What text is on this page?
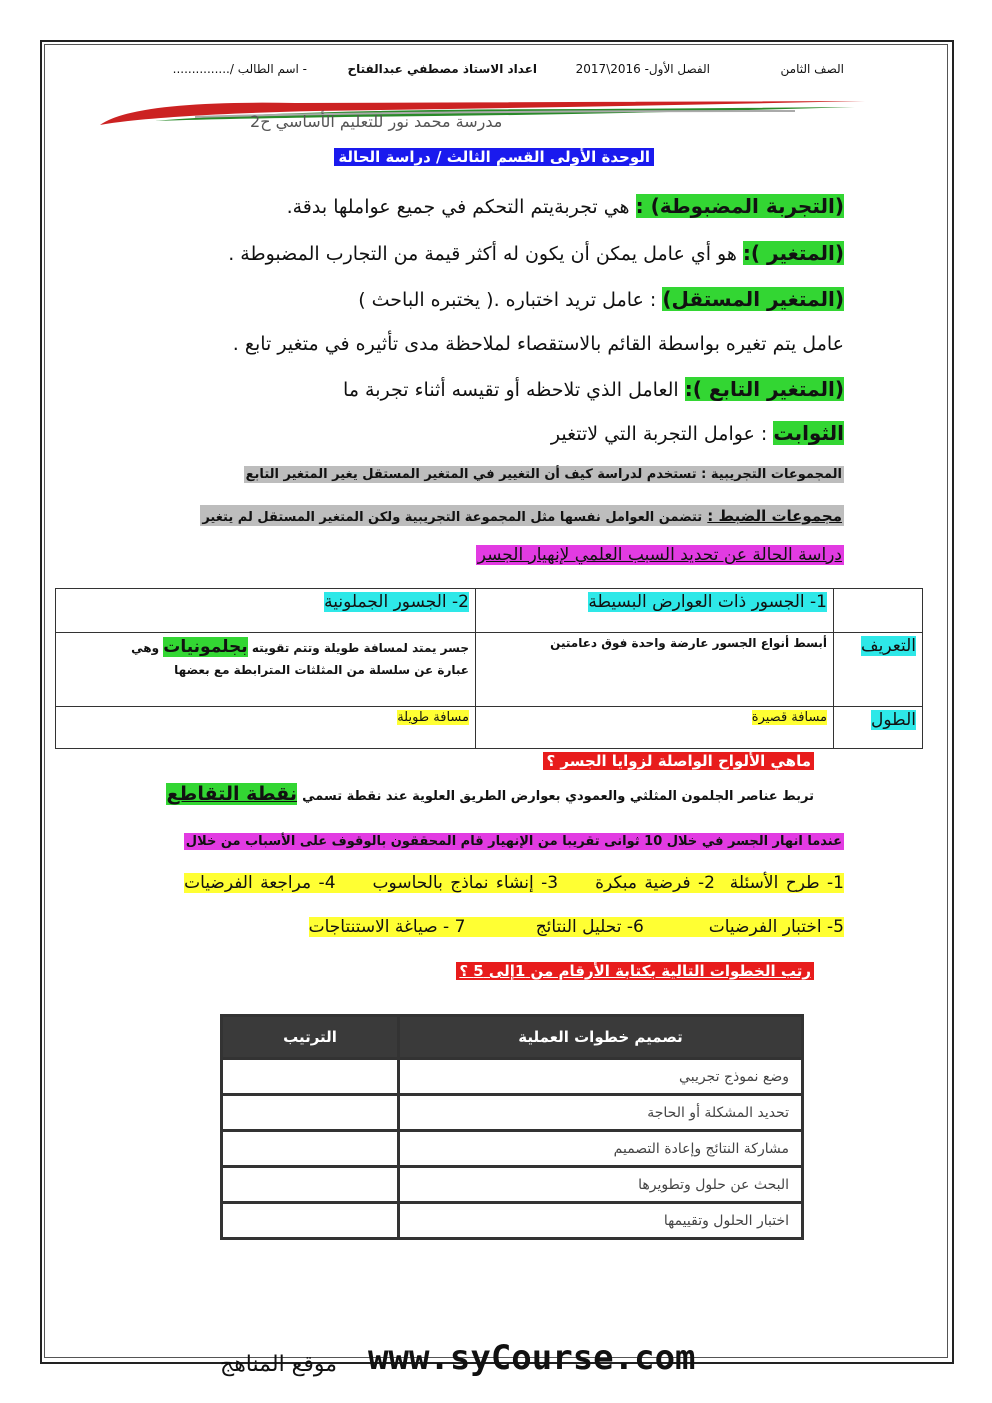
الصف الثامن
الفصل الأول- 2016\2017
اعداد الاستاذ مصطفي عبدالفتاح
- اسم الطالب /...............
مدرسة محمد نور للتعليم الأساسي ح2
الوحدة الأولى القسم الثالث / دراسة الحالة
(التجربة المضبوطة) : هي تجربةيتم التحكم في جميع عواملها بدقة.
(المتغير ): هو أي عامل يمكن أن يكون له أكثر قيمة من التجارب المضبوطة .
(المتغير المستقل) : عامل تريد اختباره .( يختبره الباحث )
عامل يتم تغيره بواسطة القائم بالاستقصاء لملاحظة مدى تأثيره في متغير تابع .
(المتغير التابع ): العامل الذي تلاحظه أو تقيسه أثناء تجربة ما
الثوابت : عوامل التجربة التي لاتتغير
المجموعات التجريبية : تستخدم لدراسة كيف أن التغيير في المتغير المستقل يغير المتغير التابع
مجموعات الضبط : تتضمن العوامل نفسها مثل المجموعة التجريبية ولكن المتغير المستقل لم يتغير
دراسة الحالة عن تحديد السبب العلمي لإنهيار الجسر
	1- الجسور ذات العوارض البسيطة	2- الجسور الجملونية
التعريف	أبسط أنواع الجسور عارضة واحدة فوق دعامتين	جسر يمتد لمسافة طويلة وتتم تقويته بجلمونيات وهي
عبارة عن سلسلة من المثلثات المترابطة مع بعضها
الطول	مسافة قصيرة	مسافة طويلة
ماهي الألواح الواصلة لزوايا الجسر ؟
تربط عناصر الجلمون المثلثي والعمودي بعوارض الطريق العلوية عند نقطة تسمي نقطة التقاطع
عندما انهار الجسر في خلال 10 ثوانى تقريبا من الإنهيار قام المحققون بالوقوف على الأسباب من خلال
1- طرح الأسئلة  2- فرضية مبكرة     3- إنشاء نماذج بالحاسوب     4- مراجعة الفرضيات
5- اختبار الفرضيات            6- تحليل النتائج             7 - صياغة الاستنتاجات
رتب الخطوات التالية بكتابة الأرقام من 1إلى 5 ؟
تصميم خطوات العملية	الترتيب
وضع نموذج تجريبي	
تحديد المشكلة أو الحاجة	
مشاركة النتائج وإعادة التصميم	
البحث عن حلول وتطويرها	
اختبار الحلول وتقييمها	
www.syCourse.com
موقع المناهج
